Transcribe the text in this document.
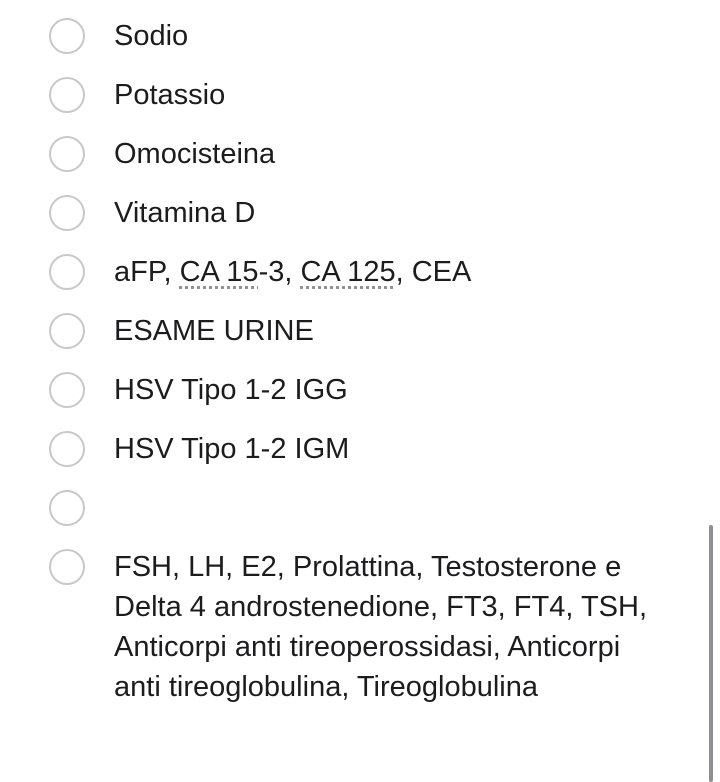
Sodio
Potassio
Omocisteina
Vitamina D
aFP, CA 15-3, CA 125, CEA
ESAME URINE
HSV Tipo 1-2 IGG
HSV Tipo 1-2 IGM
FSH, LH, E2, Prolattina, Testosterone e Delta 4 androstenedione, FT3, FT4, TSH, Anticorpi anti tireoperossidasi, Anticorpi anti tireoglobulina, Tireoglobulina
